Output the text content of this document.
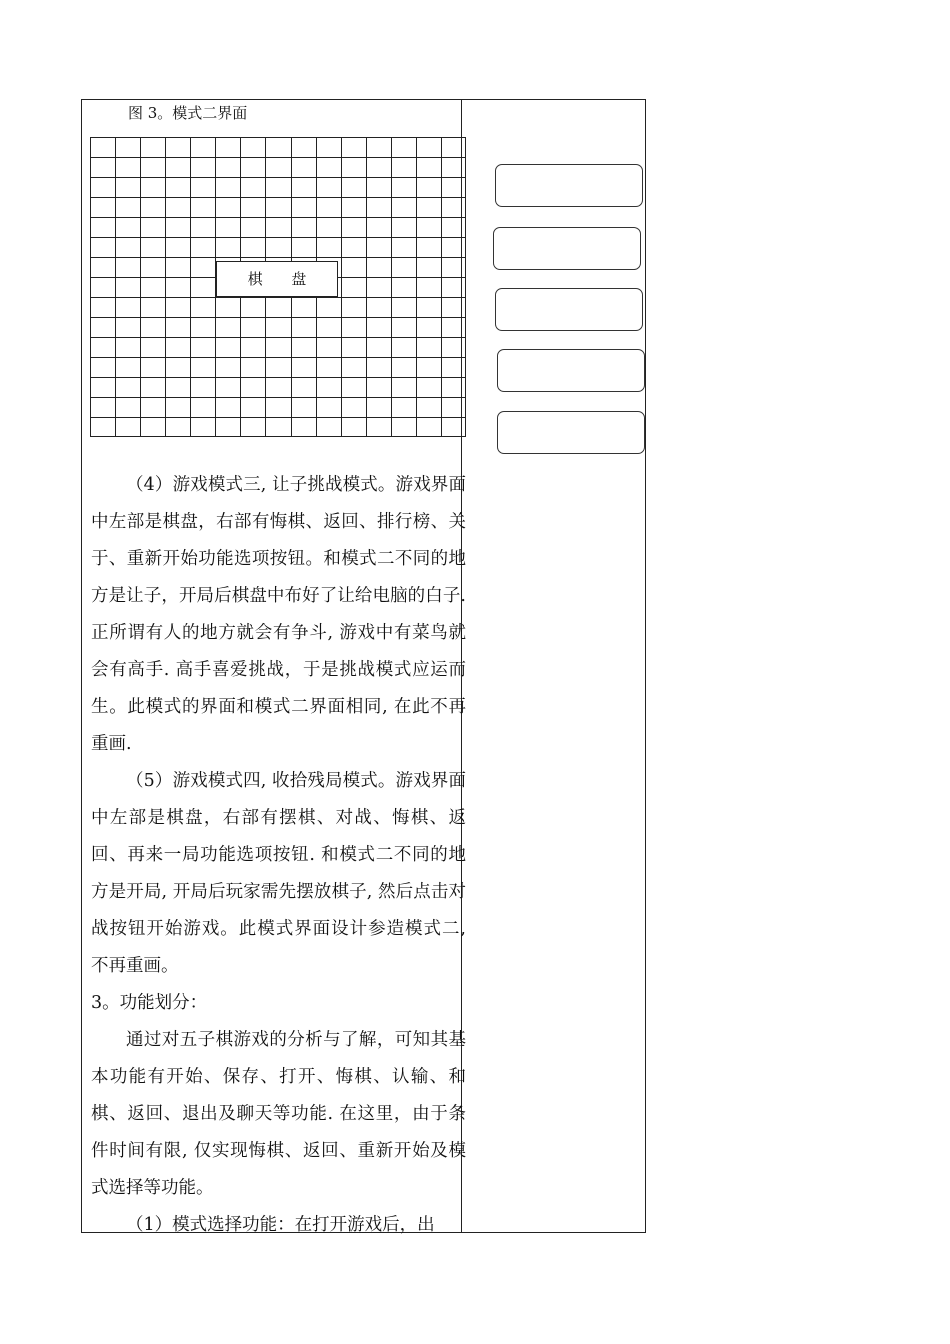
图 3。模式二界面
棋 盘

（4）游戏模式三, 让子挑战模式。游戏界面中左部是棋盘，右部有悔棋、返回、排行榜、关于、重新开始功能选项按钮。和模式二不同的地方是让子，开局后棋盘中布好了让给电脑的白子. 正所谓有人的地方就会有争斗, 游戏中有菜鸟就会有高手. 高手喜爱挑战，于是挑战模式应运而生。此模式的界面和模式二界面相同, 在此不再重画.

（5）游戏模式四, 收拾残局模式。游戏界面中左部是棋盘，右部有摆棋、对战、悔棋、返回、再来一局功能选项按钮. 和模式二不同的地方是开局, 开局后玩家需先摆放棋子, 然后点击对战按钮开始游戏。此模式界面设计参造模式二, 不再重画。

3。功能划分：

通过对五子棋游戏的分析与了解，可知其基本功能有开始、保存、打开、悔棋、认输、和棋、返回、退出及聊天等功能. 在这里，由于条件时间有限, 仅实现悔棋、返回、重新开始及模式选择等功能。

（1）模式选择功能：在打开游戏后，出
